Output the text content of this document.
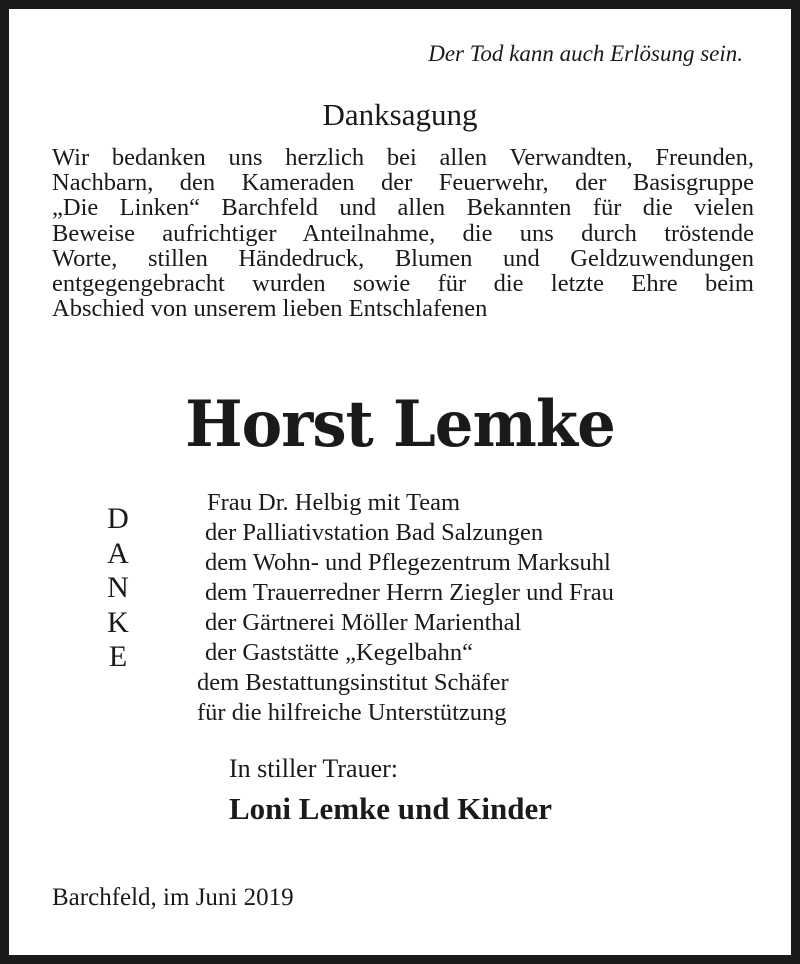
Der Tod kann auch Erlösung sein.
Danksagung
Wir bedanken uns herzlich bei allen Verwandten, Freunden,
Nachbarn, den Kameraden der Feuerwehr, der Basisgruppe
„Die Linken“ Barchfeld und allen Bekannten für die vielen
Beweise aufrichtiger Anteilnahme, die uns durch tröstende
Worte, stillen Händedruck, Blumen und Geldzuwendungen
entgegengebracht wurden sowie für die letzte Ehre beim
Abschied von unserem lieben Entschlafenen
Horst Lemke
D
A
N
K
E
Frau Dr. Helbig mit Team
der Palliativstation Bad Salzungen
dem Wohn- und Pflegezentrum Marksuhl
dem Trauerredner Herrn Ziegler und Frau
der Gärtnerei Möller Marienthal
der Gaststätte „Kegelbahn“
dem Bestattungsinstitut Schäfer
für die hilfreiche Unterstützung
In stiller Trauer:
Loni Lemke und Kinder
Barchfeld, im Juni 2019
